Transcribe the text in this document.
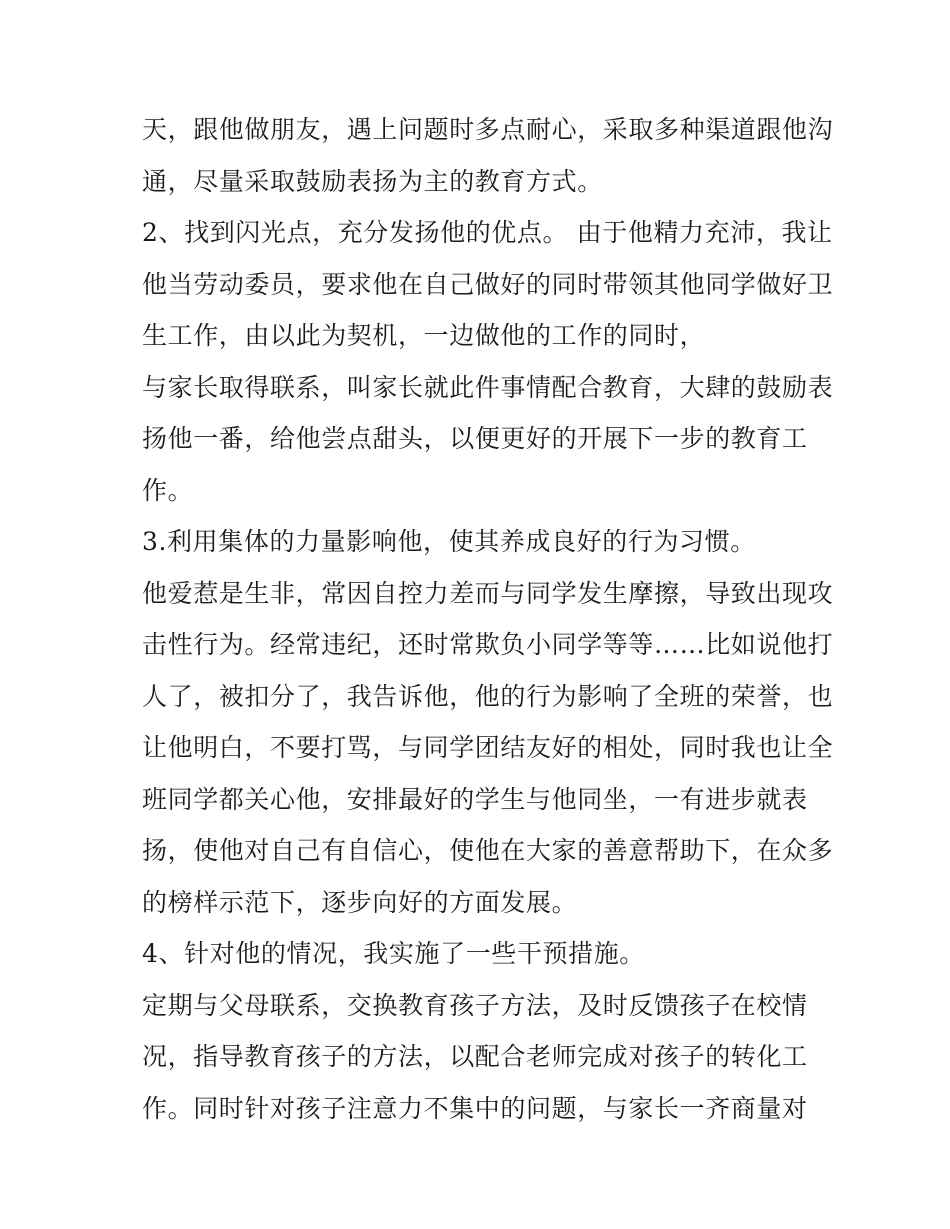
天，跟他做朋友，遇上问题时多点耐心，采取多种渠道跟他沟
通，尽量采取鼓励表扬为主的教育方式。
2、找到闪光点，充分发扬他的优点。 由于他精力充沛，我让
他当劳动委员，要求他在自己做好的同时带领其他同学做好卫
生工作，由以此为契机，一边做他的工作的同时，
与家长取得联系，叫家长就此件事情配合教育，大肆的鼓励表
扬他一番，给他尝点甜头，以便更好的开展下一步的教育工
作。
3.利用集体的力量影响他，使其养成良好的行为习惯。
他爱惹是生非，常因自控力差而与同学发生摩擦，导致出现攻
击性行为。经常违纪，还时常欺负小同学等等……比如说他打
人了，被扣分了，我告诉他，他的行为影响了全班的荣誉，也
让他明白，不要打骂，与同学团结友好的相处，同时我也让全
班同学都关心他，安排最好的学生与他同坐，一有进步就表
扬，使他对自己有自信心，使他在大家的善意帮助下，在众多
的榜样示范下，逐步向好的方面发展。
4、针对他的情况，我实施了一些干预措施。
定期与父母联系，交换教育孩子方法，及时反馈孩子在校情
况，指导教育孩子的方法，以配合老师完成对孩子的转化工
作。同时针对孩子注意力不集中的问题，与家长一齐商量对
